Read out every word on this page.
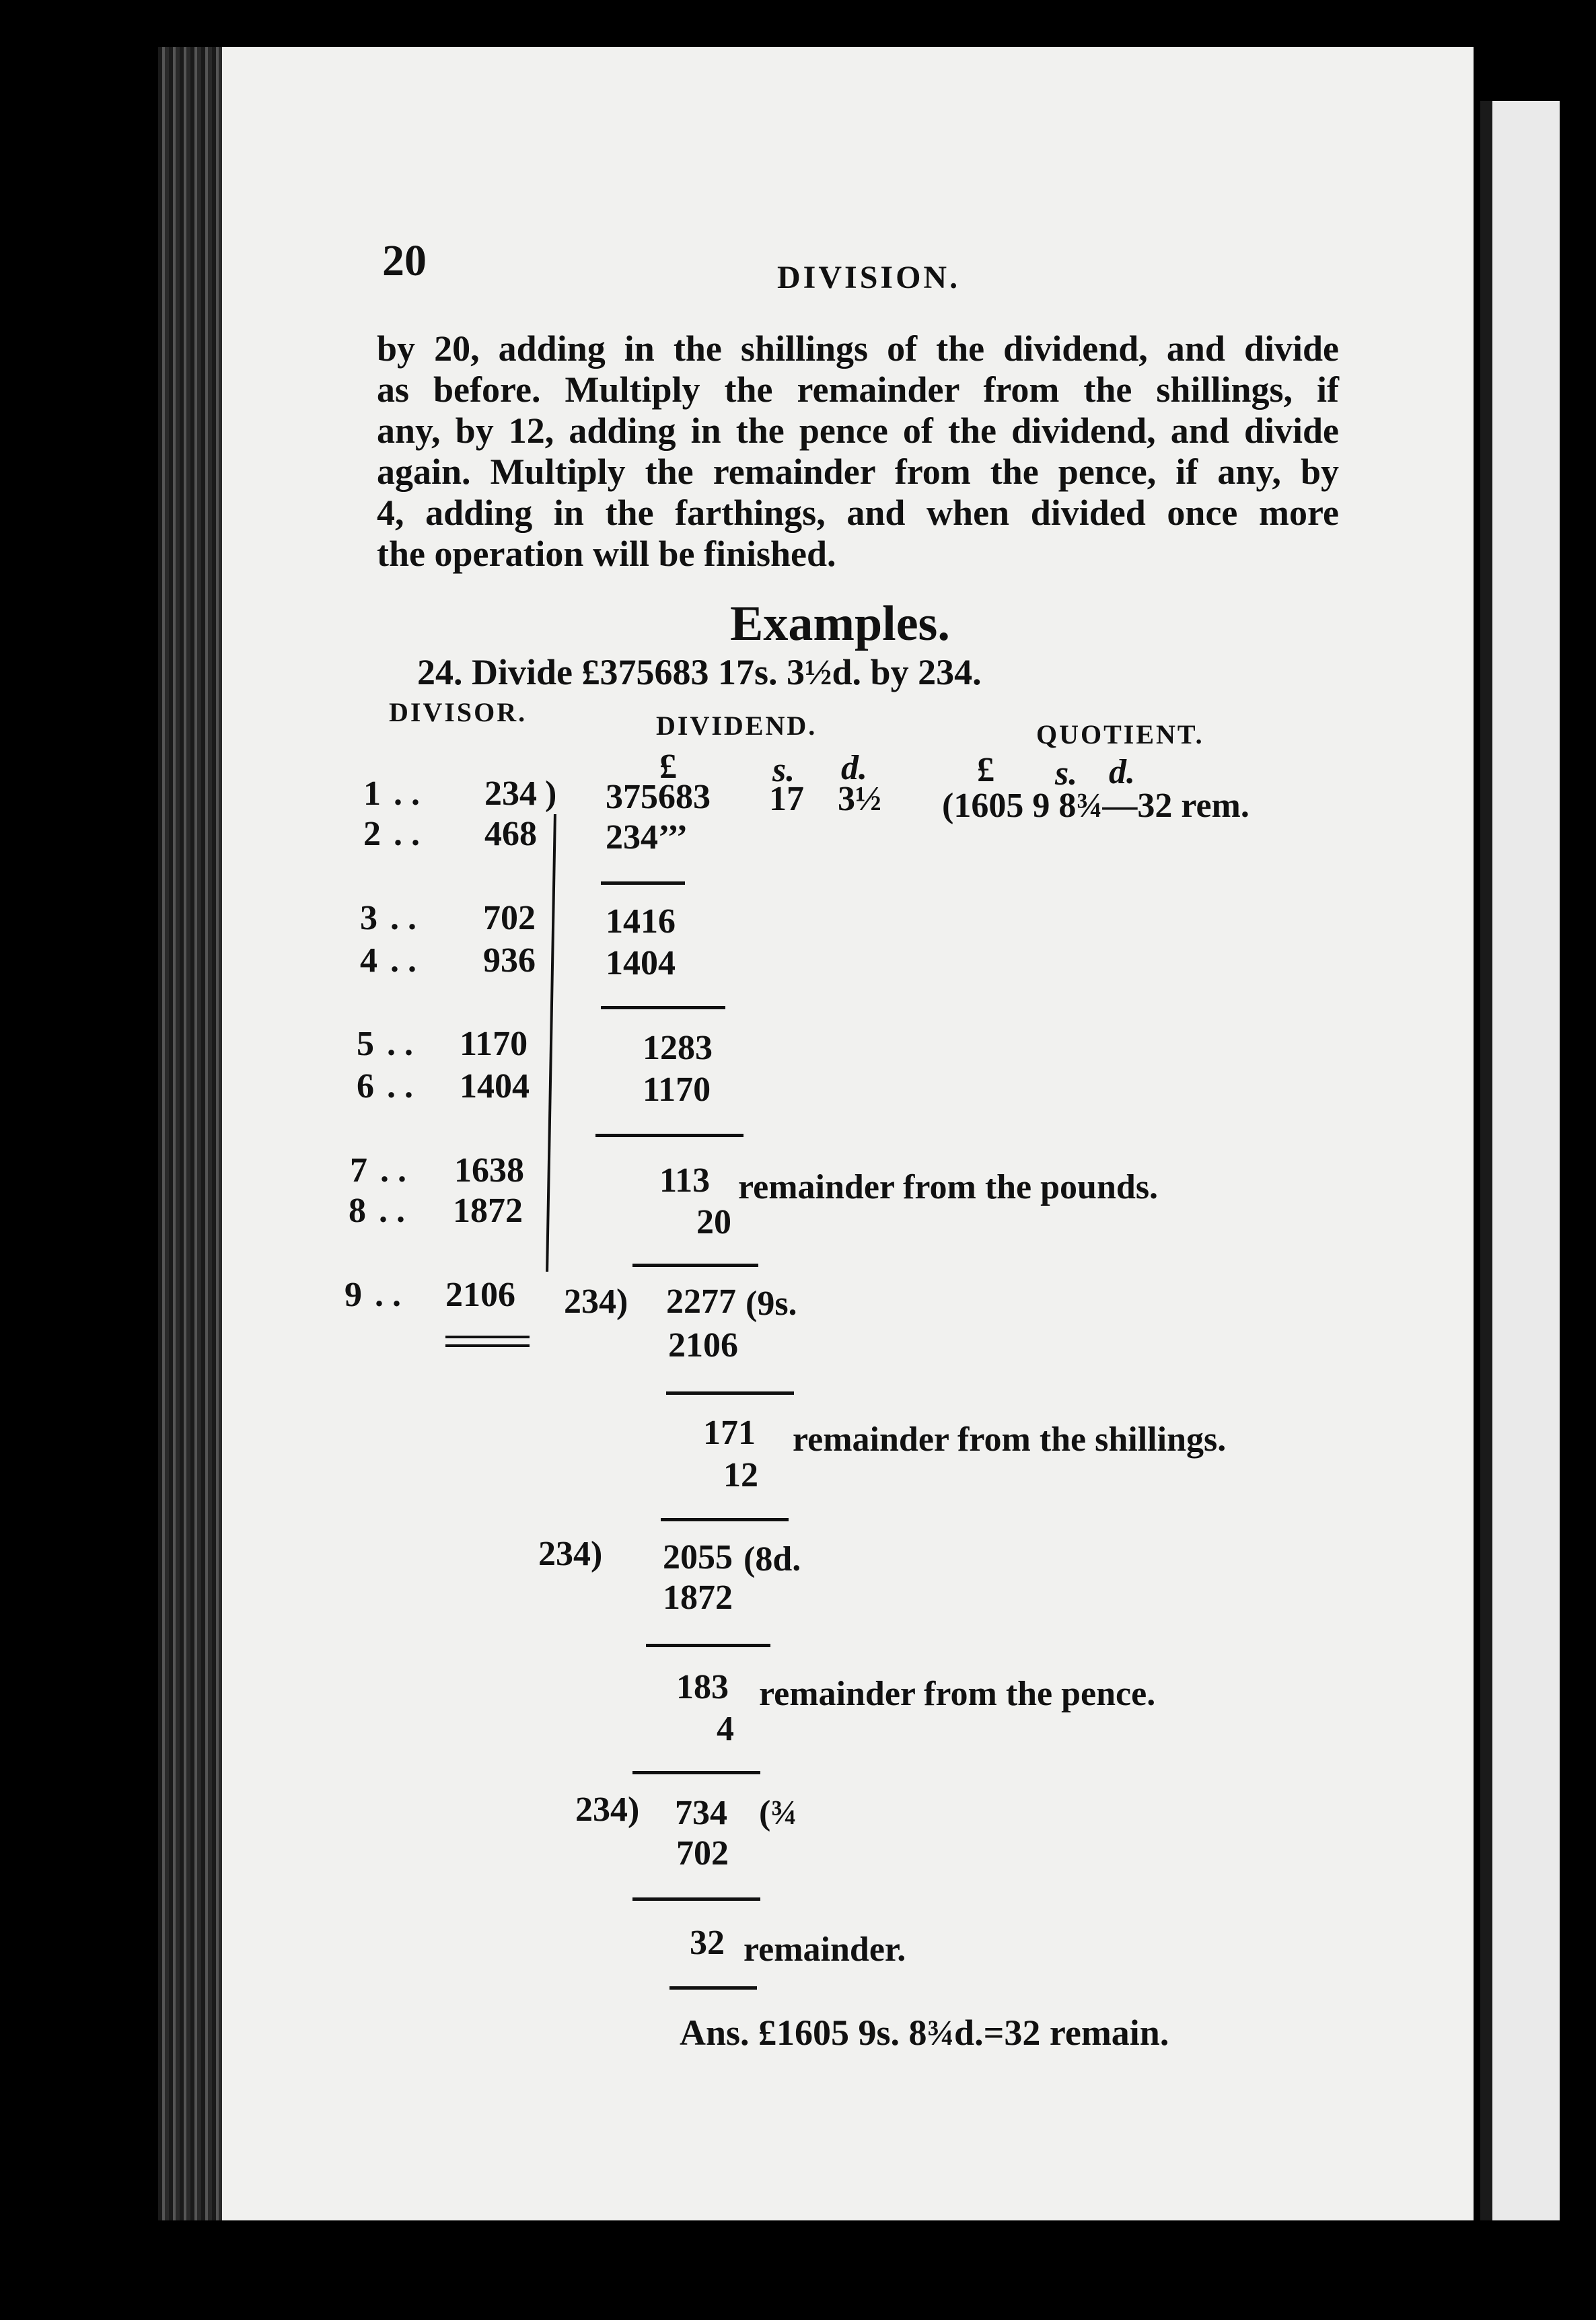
20	DIVISION.
by 20, adding in the shillings of the dividend, and divide
as before. Multiply the remainder from the shillings, if
any, by 12, adding in the pence of the dividend, and divide
again. Multiply the remainder from the pence, if any, by
4, adding in the farthings, and when divided once more
the operation will be finished.
Examples.
24. Divide £375683 17s. 3½d. by 234.
DIVISOR.	DIVIDEND.	QUOTIENT.
£	s. d.	£ s. d.
1 . . 234
2 . . 468
3 . . 702
4 . . 936
5 . . 1170
6 . . 1404
7 . . 1638
8 . . 1872
9 . . 2106
) 375683 17 3½ (1605 9 8¾—32 rem.
234’’’
1416
1404
1283
1170
113 remainder from the pounds.
20
234) 2277 (9s.
2106
171 remainder from the shillings.
12
234) 2055 (8d.
1872
183 remainder from the pence.
4
234) 734 (¾
702
32 remainder.
Ans. £1605 9s. 8¾d.=32 remain.
